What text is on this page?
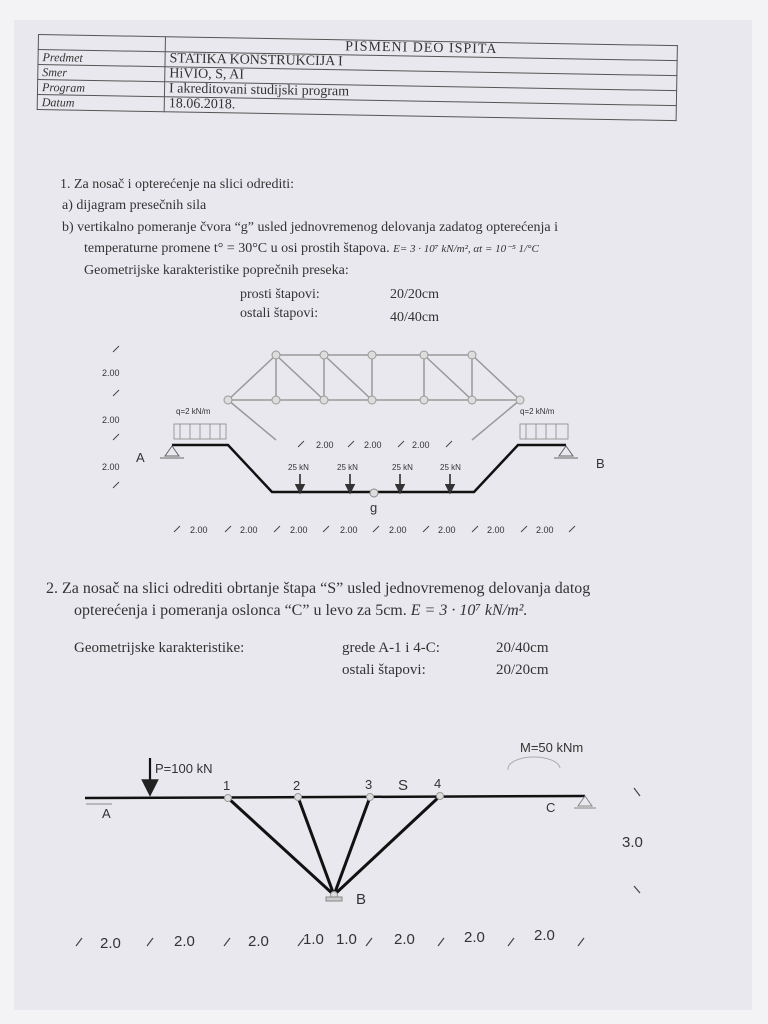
	PISMENI DEO ISPITA
Predmet	STATIKA KONSTRUKCIJA I
Smer	HiVIO, S, AI
Program	I akreditovani studijski program
Datum	18.06.2018.
1. Za nosač i opterećenje na slici odrediti:
a) dijagram presečnih sila
b) vertikalno pomeranje čvora “g” usled jednovremenog delovanja zadatog opterećenja i
temperaturne promene t° = 30°C u osi prostih štapova. E= 3 · 10⁷ kN/m², αt = 10⁻⁵ 1/°C
Geometrijske karakteristike poprečnih preseka:
prosti štapovi:	20/20cm
ostali štapovi:	40/40cm
2.00
2.00
2.00
q=2 kN/m	q=2 kN/m
A	B
2.00	2.00	2.00
25 kN	25 kN	25 kN	25 kN
g
2.00	2.00	2.00	2.00	2.00	2.00	2.00	2.00
2. Za nosač na slici odrediti obrtanje štapa “S” usled jednovremenog delovanja datog
opterećenja i pomeranja oslonca “C” u levo za 5cm. E = 3 · 10⁷ kN/m².
Geometrijske karakteristike:	grede A-1 i 4-C:	20/40cm
ostali štapovi:	20/20cm
P=100 kN
M=50 kNm
1	2	3	4
S
A	C
B
3.0
2.0	2.0	2.0 1.0 1.0 2.0	2.0	2.0
